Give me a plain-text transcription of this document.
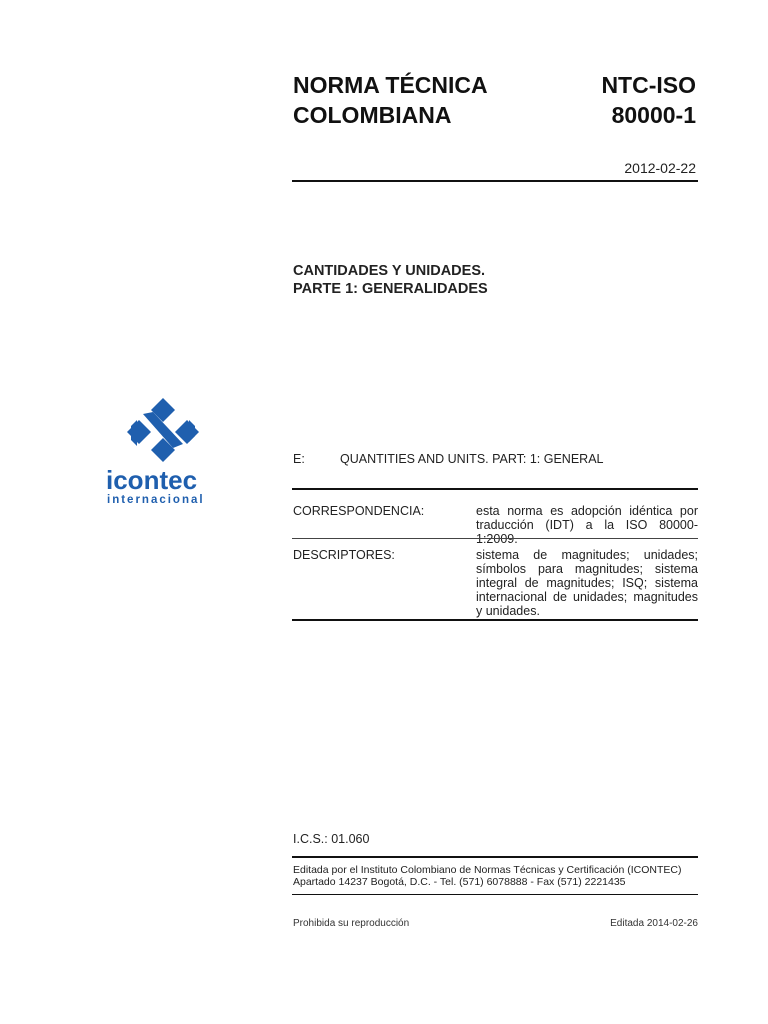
NORMA TÉCNICA
COLOMBIANA
NTC-ISO
80000-1
2012-02-22
CANTIDADES Y UNIDADES.
PARTE 1: GENERALIDADES
icontec
internacional
E:	QUANTITIES AND UNITS. PART: 1: GENERAL
CORRESPONDENCIA:	esta norma es adopción idéntica por traducción (IDT) a la ISO 80000-1:2009.
DESCRIPTORES:	sistema de magnitudes; unidades; símbolos para magnitudes; sistema integral de magnitudes; ISQ; sistema internacional de unidades; magnitudes y unidades.
I.C.S.: 01.060
Editada por el Instituto Colombiano de Normas Técnicas y Certificación (ICONTEC)
Apartado 14237 Bogotá, D.C. - Tel. (571) 6078888 - Fax (571) 2221435
Prohibida su reproducción	Editada 2014-02-26
